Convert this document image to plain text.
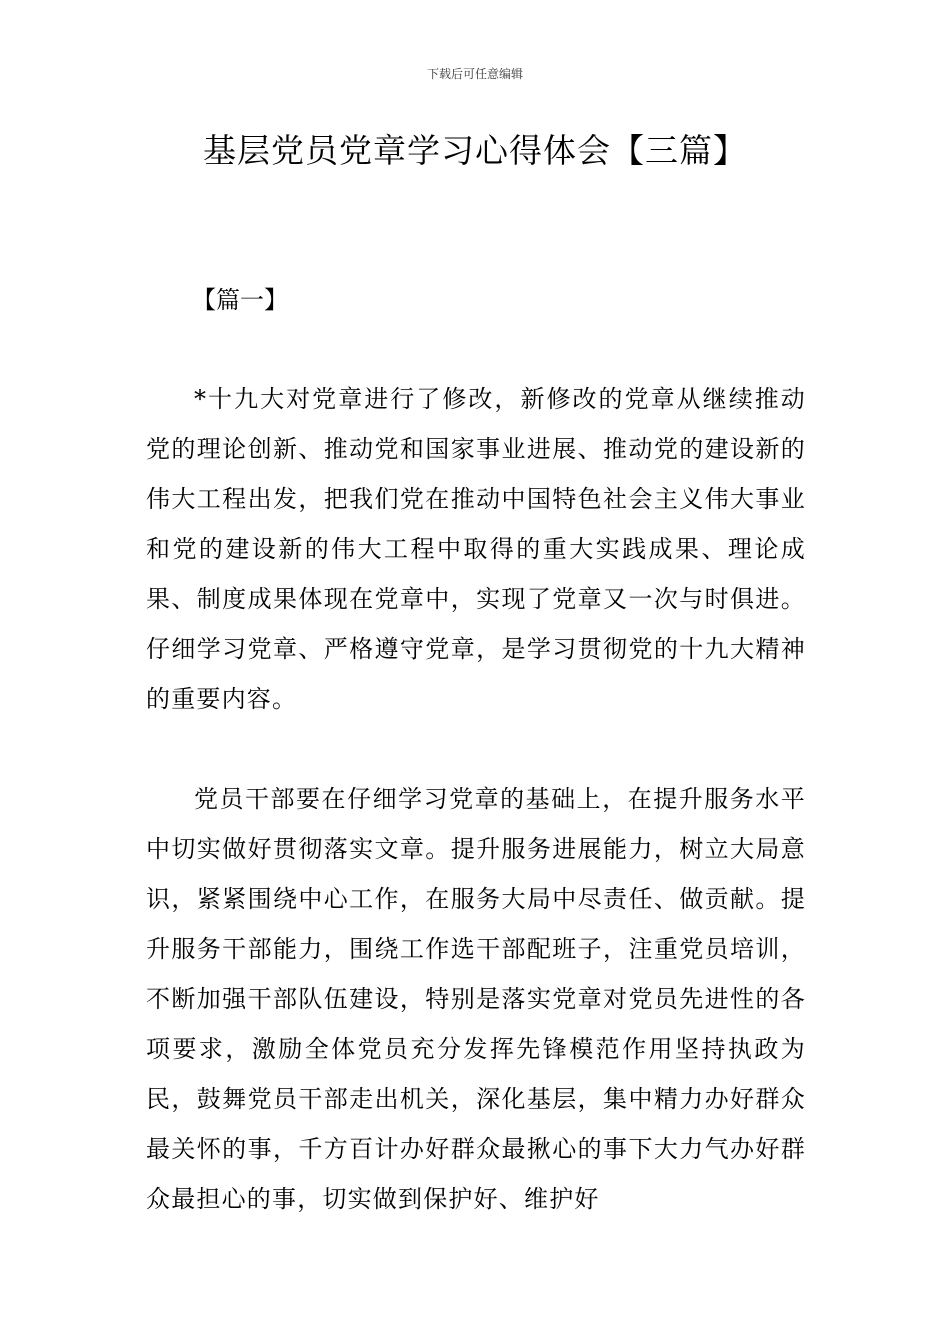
下载后可任意编辑
基层党员党章学习心得体会【三篇】
【篇一】

*十九大对党章进行了修改，新修改的党章从继续推动党的理论创新、推动党和国家事业进展、推动党的建设新的伟大工程出发，把我们党在推动中国特色社会主义伟大事业和党的建设新的伟大工程中取得的重大实践成果、理论成果、制度成果体现在党章中，实现了党章又一次与时俱进。仔细学习党章、严格遵守党章，是学习贯彻党的十九大精神的重要内容。

党员干部要在仔细学习党章的基础上，在提升服务水平中切实做好贯彻落实文章。提升服务进展能力，树立大局意识，紧紧围绕中心工作，在服务大局中尽责任、做贡献。提升服务干部能力，围绕工作选干部配班子，注重党员培训，不断加强干部队伍建设，特别是落实党章对党员先进性的各项要求，激励全体党员充分发挥先锋模范作用坚持执政为民，鼓舞党员干部走出机关，深化基层，集中精力办好群众最关怀的事，千方百计办好群众最揪心的事下大力气办好群众最担心的事，切实做到保护好、维护好
